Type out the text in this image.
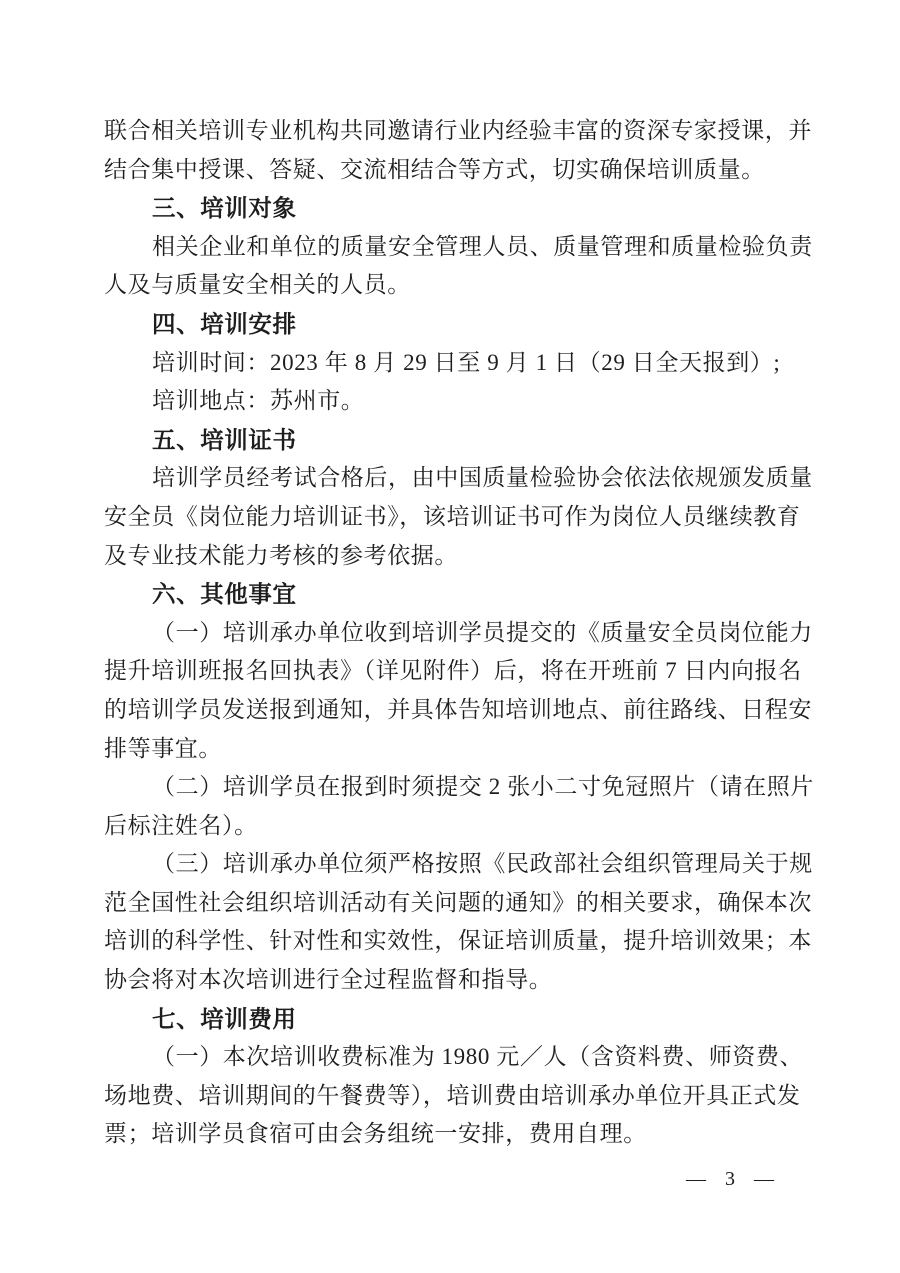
联合相关培训专业机构共同邀请行业内经验丰富的资深专家授课，并
结合集中授课、答疑、交流相结合等方式，切实确保培训质量。
三、培训对象
相关企业和单位的质量安全管理人员、质量管理和质量检验负责
人及与质量安全相关的人员。
四、培训安排
培训时间：2023 年 8 月 29 日至 9 月 1 日（29 日全天报到）;
培训地点：苏州市。
五、培训证书
培训学员经考试合格后，由中国质量检验协会依法依规颁发质量
安全员《岗位能力培训证书》，该培训证书可作为岗位人员继续教育
及专业技术能力考核的参考依据。
六、其他事宜
（一）培训承办单位收到培训学员提交的《质量安全员岗位能力
提升培训班报名回执表》（详见附件）后，将在开班前 7 日内向报名
的培训学员发送报到通知，并具体告知培训地点、前往路线、日程安
排等事宜。
（二）培训学员在报到时须提交 2 张小二寸免冠照片（请在照片
后标注姓名）。
（三）培训承办单位须严格按照《民政部社会组织管理局关于规
范全国性社会组织培训活动有关问题的通知》的相关要求，确保本次
培训的科学性、针对性和实效性，保证培训质量，提升培训效果；本
协会将对本次培训进行全过程监督和指导。
七、培训费用
（一）本次培训收费标准为 1980 元／人（含资料费、师资费、
场地费、培训期间的午餐费等），培训费由培训承办单位开具正式发
票；培训学员食宿可由会务组统一安排，费用自理。
— 3 —
